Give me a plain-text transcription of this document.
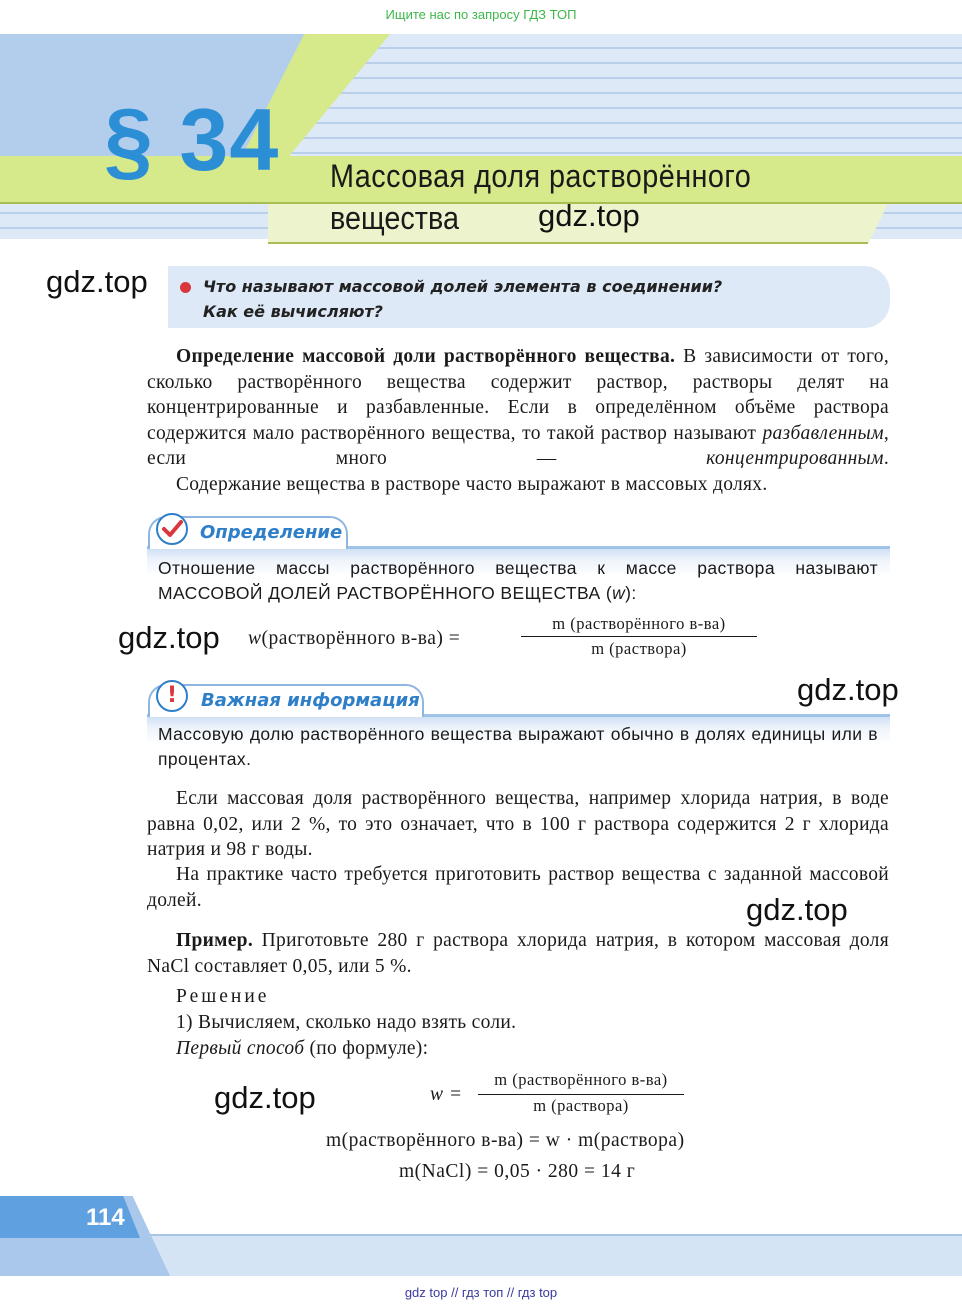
Ищите нас по запросу ГДЗ ТОП
§ 34 Массовая доля растворённого
вещества	gdz.top
gdz.top
gdz.top
gdz.top
gdz.top
gdz.top
Что называют массовой долей элемента в соединении?
Как её вычисляют?
Определение массовой доли растворённого вещества. В зависимости от того, сколько растворённого вещества содержит раствор, растворы делят на концентрированные и разбавленные. Если в определённом объёме раствора содержится мало растворённого вещества, то такой раствор называют разбавленным, если много — концентрированным.
Содержание вещества в растворе часто выражают в массовых долях.
Определение
Отношение массы растворённого вещества к массе раствора называют МАССОВОЙ ДОЛЕЙ РАСТВОРЁННОГО ВЕЩЕСТВА (w):
w(растворённого в-ва) =
m (растворённого в-ва)
m (раствора)
!	Важная информация
Массовую долю растворённого вещества выражают обычно в долях единицы или в процентах.
Если массовая доля растворённого вещества, например хлорида натрия, в воде равна 0,02, или 2 %, то это означает, что в 100 г раствора содержится 2 г хлорида натрия и 98 г воды.
На практике часто требуется приготовить раствор вещества с заданной массовой долей.
Пример. Приготовьте 280 г раствора хлорида натрия, в котором массовая доля NaCl составляет 0,05, или 5 %.
Решение
1) Вычисляем, сколько надо взять соли.
Первый способ (по формуле):
w =
m (растворённого в-ва)
m (раствора)
m(растворённого в-ва) = w · m(раствора)
m(NaCl) = 0,05 · 280 = 14 г
114
gdz top // гдз топ // гдз top
